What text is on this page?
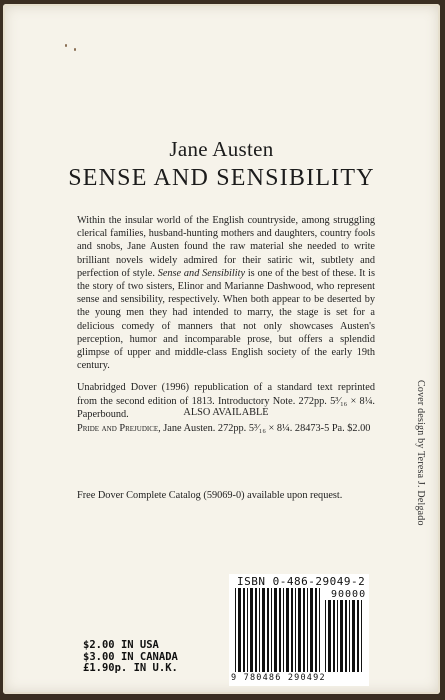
Jane Austen
SENSE AND SENSIBILITY

Within the insular world of the English countryside, among struggling clerical families, husband-hunting mothers and daughters, country fools and snobs, Jane Austen found the raw material she needed to write brilliant novels widely admired for their satiric wit, subtlety and perfection of style. Sense and Sensibility is one of the best of these. It is the story of two sisters, Elinor and Marianne Dashwood, who represent sense and sensibility, respectively. When both appear to be deserted by the young men they had intended to marry, the stage is set for a delicious comedy of manners that not only showcases Austen's perception, humor and incomparable prose, but offers a splendid glimpse of upper and middle-class English society of the early 19th century.

Unabridged Dover (1996) republication of a standard text reprinted from the second edition of 1813. Introductory Note. 272pp. 5³⁄₁₆ × 8¼. Paperbound.	ALSO AVAILABLE
Pride and Prejudice, Jane Austen. 272pp. 5³⁄₁₆ × 8¼. 28473-5 Pa. $2.00
Free Dover Complete Catalog (59069-0) available upon request.	Cover design by Teresa J. Delgado
$2.00 IN USA
$3.00 IN CANADA
£1.90p. IN U.K.
ISBN 0-486-29049-2
90000
9 780486 290492
